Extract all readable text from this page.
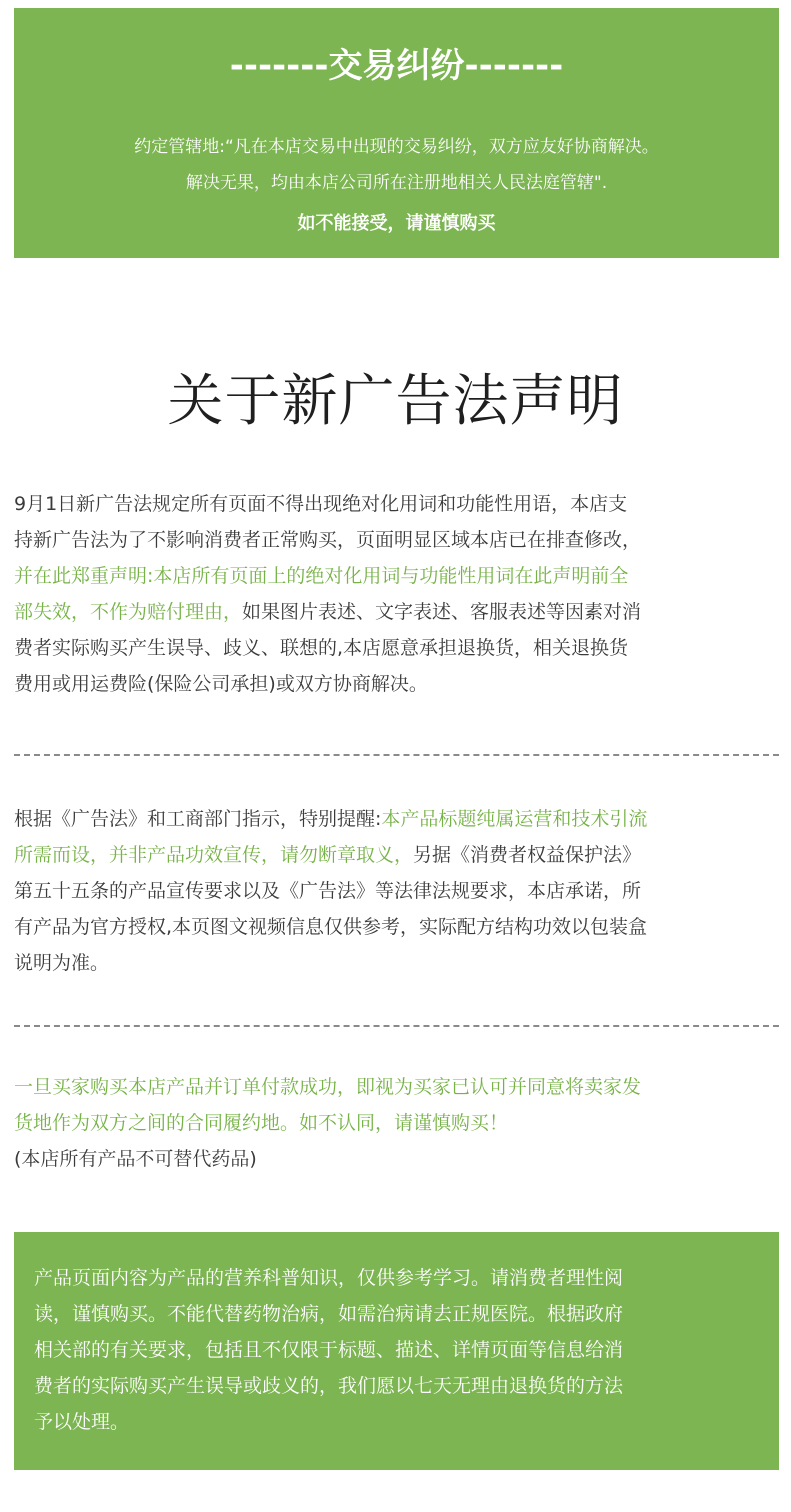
-------交易纠纷-------
约定管辖地:“凡在本店交易中出现的交易纠纷，双方应友好协商解决。
解决无果，均由本店公司所在注册地相关人民法庭管辖".
如不能接受，请谨慎购买
关于新广告法声明
9月1日新广告法规定所有页面不得出现绝对化用词和功能性用语，本店支
持新广告法为了不影响消费者正常购买，页面明显区域本店已在排查修改，
并在此郑重声明:本店所有页面上的绝对化用词与功能性用词在此声明前全
部失效，不作为赔付理由，如果图片表述、文字表述、客服表述等因素对消
费者实际购买产生误导、歧义、联想的,本店愿意承担退换货，相关退换货
费用或用运费险(保险公司承担)或双方协商解决。
根据《广告法》和工商部门指示，特别提醒:本产品标题纯属运营和技术引流
所需而设，并非产品功效宣传，请勿断章取义，另据《消费者权益保护法》
第五十五条的产品宣传要求以及《广告法》等法律法规要求，本店承诺，所
有产品为官方授权,本页图文视频信息仅供参考，实际配方结构功效以包装盒
说明为准。
一旦买家购买本店产品并订单付款成功，即视为买家已认可并同意将卖家发
货地作为双方之间的合同履约地。如不认同，请谨慎购买！
(本店所有产品不可替代药品)
产品页面内容为产品的营养科普知识，仅供参考学习。请消费者理性阅
读，谨慎购买。不能代替药物治病，如需治病请去正规医院。根据政府
相关部的有关要求，包括且不仅限于标题、描述、详情页面等信息给消
费者的实际购买产生误导或歧义的，我们愿以七天无理由退换货的方法
予以处理。
